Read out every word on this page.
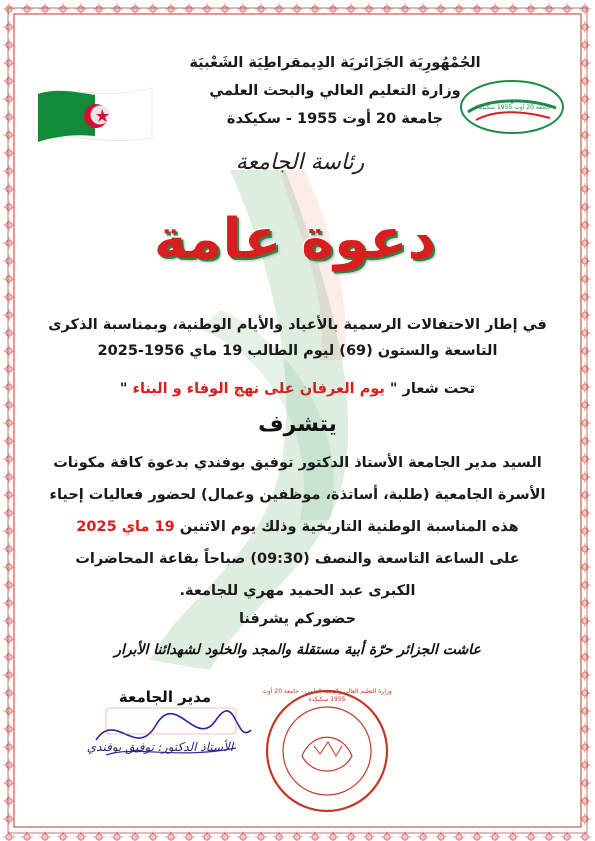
★
جامعة 20 أوت 1955 سكيكدة
الجُمْهُورِيَة الجَزَائريَة الدِيمقراطِيَة الشَعْبيَة
وزارة التعليم العالي والبحث العلمي
جامعة 20 أوت 1955 - سكيكدة
رئاسة الجامعة
دعوة عامة
في إطار الاحتفالات الرسمية بالأعياد والأيام الوطنية، وبمناسبة الذكرى
التاسعة والستون (69) ليوم الطالب 19 ماي 1956-2025
تحت شعار " يوم العرفان على نهج الوفاء و البناء "
يتشرف
السيد مدير الجامعة الأستاذ الدكتور توفيق بوفندي بدعوة كافة مكونات
الأسرة الجامعية (طلبة، أساتذة، موظفين وعمال) لحضور فعاليات إحياء
هذه المناسبة الوطنية التاريخية وذلك يوم الاثنين 19 ماي 2025
على الساعة التاسعة والنصف (09:30) صباحاً بقاعة المحاضرات
الكبرى عبد الحميد مهري للجامعة.
حضوركم يشرفنا
عاشت الجزائر حرّة أبية مستقلة والمجد والخلود لشهدائنا الأبرار
مدير الجامعة
الأستاذ الدكتور: توفيق بوفندي
وزارة التعليم العالي والبحث العلمي - جامعة 20 أوت 1955 سكيكدة
